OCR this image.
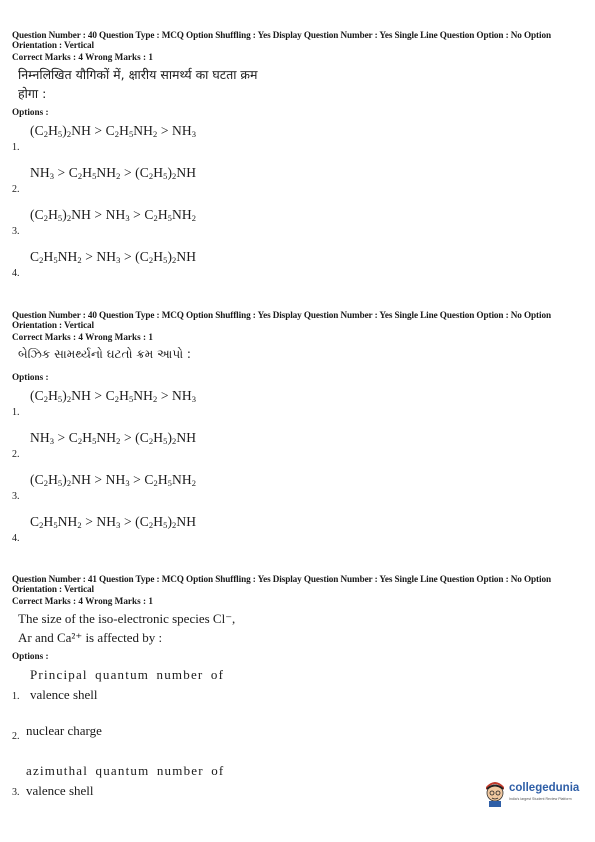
Question Number : 40 Question Type : MCQ Option Shuffling : Yes Display Question Number : Yes Single Line Question Option : No Option Orientation : Vertical
Correct Marks : 4 Wrong Marks : 1
निम्नलिखित यौगिकों में, क्षारीय सामर्थ्य का घटता क्रम
होगा :
Options :
1.
$(C_2H_5)_2NH > C_2H_5NH_2 > NH_3$
2.
$NH_3 > C_2H_5NH_2 > (C_2H_5)_2NH$
3.
$(C_2H_5)_2NH > NH_3 > C_2H_5NH_2$
4.
$C_2H_5NH_2 > NH_3 > (C_2H_5)_2NH$
Question Number : 40 Question Type : MCQ Option Shuffling : Yes Display Question Number : Yes Single Line Question Option : No Option Orientation : Vertical
Correct Marks : 4 Wrong Marks : 1
બેઝિક સામર્થ્યનો ઘટતો ક્રમ આપો :
Options :
1.
$(C_2H_5)_2NH > C_2H_5NH_2 > NH_3$
2.
$NH_3 > C_2H_5NH_2 > (C_2H_5)_2NH$
3.
$(C_2H_5)_2NH > NH_3 > C_2H_5NH_2$
4.
$C_2H_5NH_2 > NH_3 > (C_2H_5)_2NH$
Question Number : 41 Question Type : MCQ Option Shuffling : Yes Display Question Number : Yes Single Line Question Option : No Option Orientation : Vertical
Correct Marks : 4 Wrong Marks : 1
The size of the iso-electronic species Cl⁻,
Ar and Ca²⁺ is affected by :
Options :
Principal quantum number of
valence shell
1.
nuclear charge
2.
azimuthal quantum number of
valence shell
3.	collegedunia
India's largest Student Review Platform
